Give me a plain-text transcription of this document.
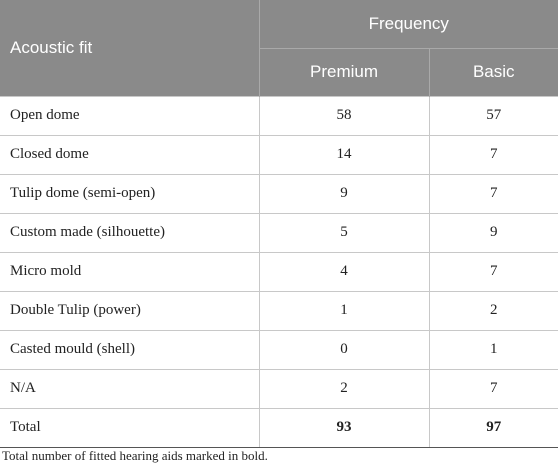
Acoustic fit	Frequency	
	Premium	Basic
Open dome	58	57
Closed dome	14	7
Tulip dome (semi-open)	9	7
Custom made (silhouette)	5	9
Micro mold	4	7
Double Tulip (power)	1	2
Casted mould (shell)	0	1
N/A	2	7
Total	93	97

Total number of fitted hearing aids marked in bold.
